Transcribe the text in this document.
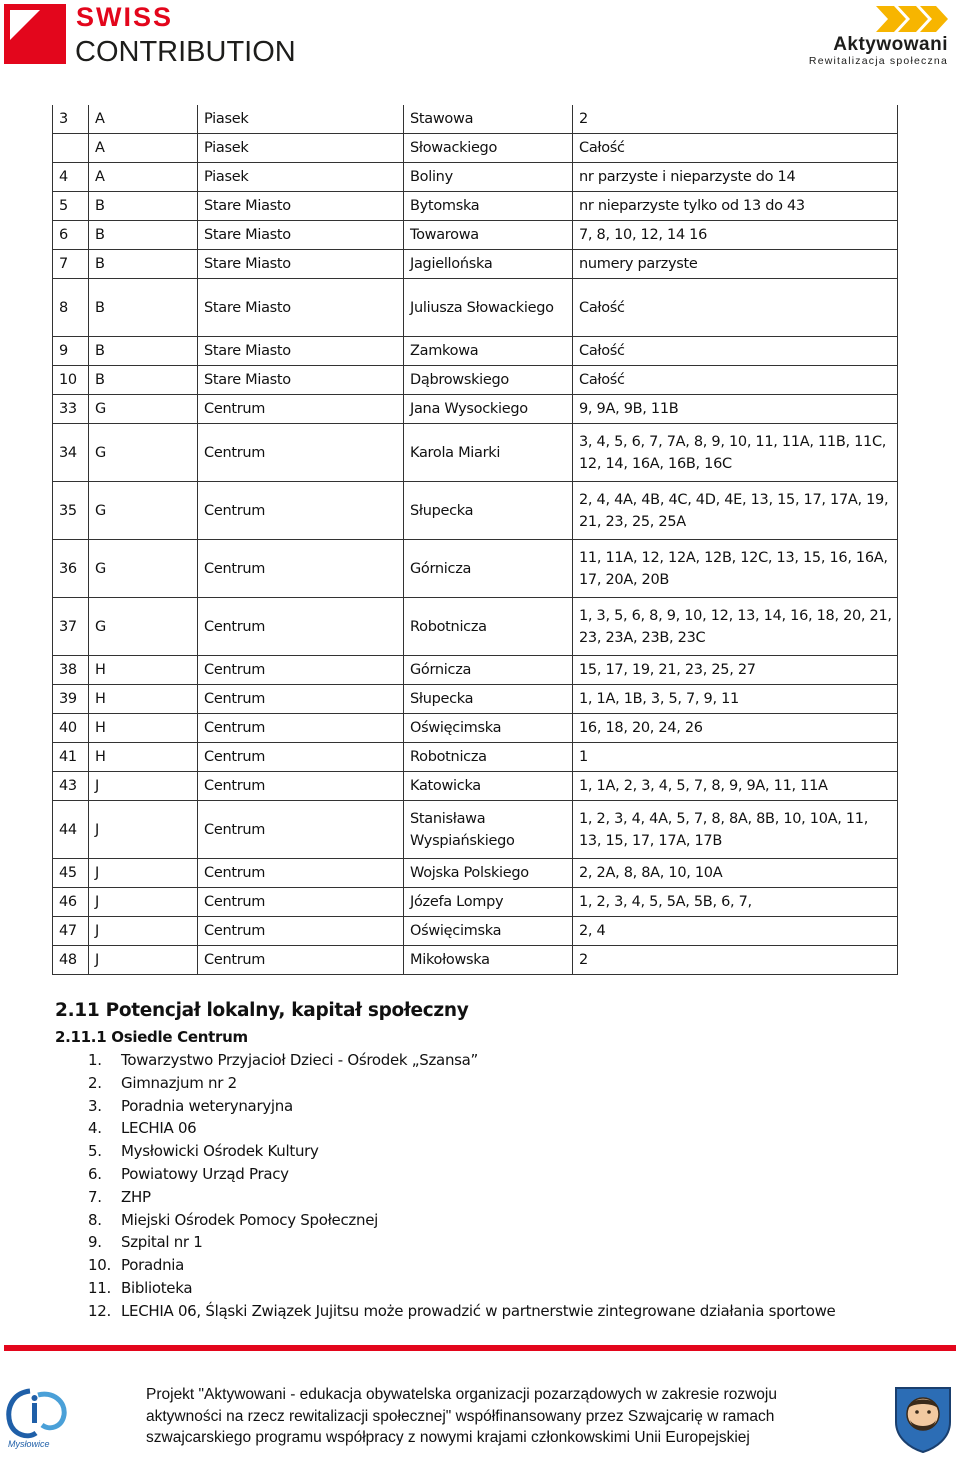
SWISS
CONTRIBUTION	Aktywowani
Rewitalizacja społeczna
3	A	Piasek	Stawowa	2
	A	Piasek	Słowackiego	Całość
4	A	Piasek	Boliny	nr parzyste i nieparzyste do 14
5	B	Stare Miasto	Bytomska	nr nieparzyste tylko od 13 do 43
6	B	Stare Miasto	Towarowa	7, 8, 10, 12, 14 16
7	B	Stare Miasto	Jagiellońska	numery parzyste
8	B	Stare Miasto	Juliusza Słowackiego	Całość
9	B	Stare Miasto	Zamkowa	Całość
10	B	Stare Miasto	Dąbrowskiego	Całość
33	G	Centrum	Jana Wysockiego	9, 9A, 9B, 11B
34	G	Centrum	Karola Miarki	3, 4, 5, 6, 7, 7A, 8, 9, 10, 11, 11A, 11B, 11C, 12, 14, 16A, 16B, 16C
35	G	Centrum	Słupecka	2, 4, 4A, 4B, 4C, 4D, 4E, 13, 15, 17, 17A, 19, 21, 23, 25, 25A
36	G	Centrum	Górnicza	11, 11A, 12, 12A, 12B, 12C, 13, 15, 16, 16A, 17, 20A, 20B
37	G	Centrum	Robotnicza	1, 3, 5, 6, 8, 9, 10, 12, 13, 14, 16, 18, 20, 21, 23, 23A, 23B, 23C
38	H	Centrum	Górnicza	15, 17, 19, 21, 23, 25, 27
39	H	Centrum	Słupecka	1, 1A, 1B, 3, 5, 7, 9, 11
40	H	Centrum	Oświęcimska	16, 18, 20, 24, 26
41	H	Centrum	Robotnicza	1
43	J	Centrum	Katowicka	1, 1A, 2, 3, 4, 5, 7, 8, 9, 9A, 11, 11A
44	J	Centrum	Stanisława Wyspiańskiego	1, 2, 3, 4, 4A, 5, 7, 8, 8A, 8B, 10, 10A, 11, 13, 15, 17, 17A, 17B
45	J	Centrum	Wojska Polskiego	2, 2A, 8, 8A, 10, 10A
46	J	Centrum	Józefa Lompy	1, 2, 3, 4, 5, 5A, 5B, 6, 7,
47	J	Centrum	Oświęcimska	2, 4
48	J	Centrum	Mikołowska	2
2.11 Potencjał lokalny, kapitał społeczny
2.11.1 Osiedle Centrum
1. Towarzystwo Przyjacioł Dzieci - Ośrodek „Szansa”
2. Gimnazjum nr 2
3. Poradnia weterynaryjna
4. LECHIA 06
5. Mysłowicki Ośrodek Kultury
6. Powiatowy Urząd Pracy
7. ZHP
8. Miejski Ośrodek Pomocy Społecznej
9. Szpital nr 1
10. Poradnia
11. Biblioteka
12. LECHIA 06, Śląski Związek Jujitsu może prowadzić w partnerstwie zintegrowane działania sportowe
Mysłowice
Projekt "Aktywowani - edukacja obywatelska organizacji pozarządowych w zakresie rozwoju
aktywności na rzecz rewitalizacji społecznej" współfinansowany przez Szwajcarię w ramach
szwajcarskiego programu współpracy z nowymi krajami członkowskimi Unii Europejskiej
